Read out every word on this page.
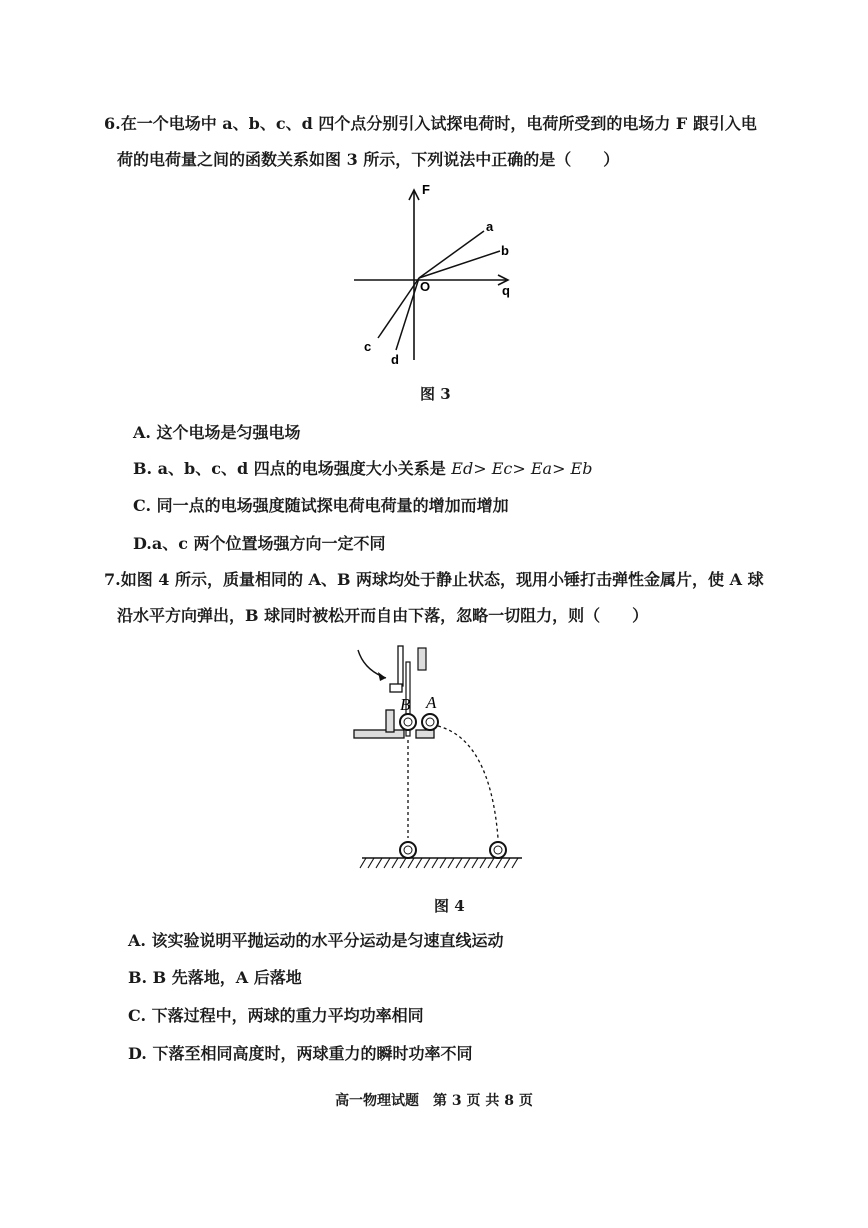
6.在一个电场中 a、b、c、d 四个点分别引入试探电荷时，电荷所受到的电场力 F 跟引入电
荷的电荷量之间的函数关系如图 3 所示，下列说法中正确的是（　　）
F
q
O
a
b
c
d
图 3
A. 这个电场是匀强电场
B. a、b、c、d 四点的电场强度大小关系是 Ed> Ec> Ea> Eb
C. 同一点的电场强度随试探电荷电荷量的增加而增加
D.a、c 两个位置场强方向一定不同
7.如图 4 所示，质量相同的 A、B 两球均处于静止状态，现用小锤打击弹性金属片，使 A 球
沿水平方向弹出，B 球同时被松开而自由下落，忽略一切阻力，则（　　）
B A
图 4
A. 该实验说明平抛运动的水平分运动是匀速直线运动
B. B 先落地，A 后落地
C. 下落过程中，两球的重力平均功率相同
D. 下落至相同高度时，两球重力的瞬时功率不同
高一物理试题　第 3 页 共 8 页
